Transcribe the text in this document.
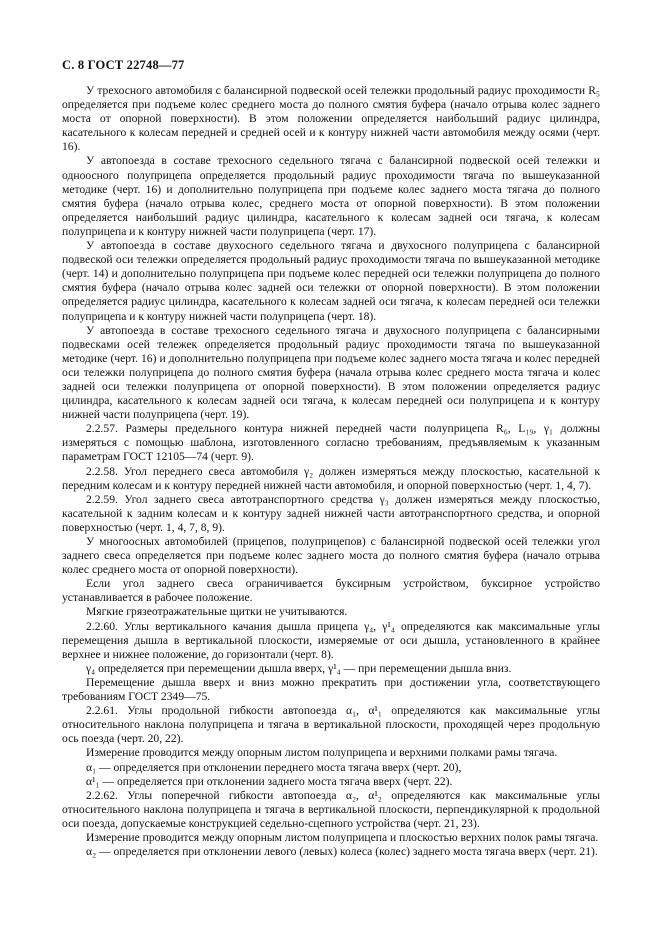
С. 8 ГОСТ 22748—77

У трехосного автомобиля с балансирной подвеской осей тележки продольный радиус проходимости R₅ определяется при подъеме колес среднего моста до полного смятия буфера (начало отрыва колес заднего моста от опорной поверхности). В этом положении определяется наибольший радиус цилиндра, касательного к колесам передней и средней осей и к контуру нижней части автомобиля между осями (черт. 16).

У автопоезда в составе трехосного седельного тягача с балансирной подвеской осей тележки и одноосного полуприцепа определяется продольный радиус проходимости тягача по вышеуказанной методике (черт. 16) и дополнительно полуприцепа при подъеме колес заднего моста тягача до полного смятия буфера (начало отрыва колес, среднего моста от опорной поверхности). В этом положении определяется наибольший радиус цилиндра, касательного к колесам задней оси тягача, к колесам полуприцепа и к контуру нижней части полуприцепа (черт. 17).

У автопоезда в составе двухосного седельного тягача и двухосного полуприцепа с балансирной подвеской оси тележки определяется продольный радиус проходимости тягача по вышеуказанной методике (черт. 14) и дополнительно полуприцепа при подъеме колес передней оси тележки полуприцепа до полного смятия буфера (начало отрыва колес задней оси тележки от опорной поверхности). В этом положении определяется радиус цилиндра, касательного к колесам задней оси тягача, к колесам передней оси тележки полуприцепа и к контуру нижней части полуприцепа (черт. 18).

У автопоезда в составе трехосного седельного тягача и двухосного полуприцепа с балансирными подвесками осей тележек определяется продольный радиус проходимости тягача по вышеуказанной методике (черт. 16) и дополнительно полуприцепа при подъеме колес заднего моста тягача и колес передней оси тележки полуприцепа до полного смятия буфера (начала отрыва колес среднего моста тягача и колес задней оси тележки полуприцепа от опорной поверхности). В этом положении определяется радиус цилиндра, касательного к колесам задней оси тягача, к колесам передней оси полуприцепа и к контуру нижней части полуприцепа (черт. 19).

2.2.57. Размеры предельного контура нижней передней части полуприцепа R₆, L₁₉, γ₁ должны измеряться с помощью шаблона, изготовленного согласно требованиям, предъявляемым к указанным параметрам ГОСТ 12105—74 (черт. 9).

2.2.58. Угол переднего свеса автомобиля γ₂ должен измеряться между плоскостью, касательной к передним колесам и к контуру передней нижней части автомобиля, и опорной поверхностью (черт. 1, 4, 7).

2.2.59. Угол заднего свеса автотранспортного средства γ₃ должен измеряться между плоскостью, касательной к задним колесам и к контуру задней нижней части автотранспортного средства, и опорной поверхностью (черт. 1, 4, 7, 8, 9).

У многоосных автомобилей (прицепов, полуприцепов) с балансирной подвеской осей тележки угол заднего свеса определяется при подъеме колес заднего моста до полного смятия буфера (начало отрыва колес среднего моста от опорной поверхности).

Если угол заднего свеса ограничивается буксирным устройством, буксирное устройство устанавливается в рабочее положение.

Мягкие грязеотражательные щитки не учитываются.

2.2.60. Углы вертикального качания дышла прицепа γ₄, γ¹₄ определяются как максимальные углы перемещения дышла в вертикальной плоскости, измеряемые от оси дышла, установленного в крайнее верхнее и нижнее положение, до горизонтали (черт. 8).

γ₄ определяется при перемещении дышла вверх, γ¹₄ — при перемещении дышла вниз.

Перемещение дышла вверх и вниз можно прекратить при достижении угла, соответствующего требованиям ГОСТ 2349—75.

2.2.61. Углы продольной гибкости автопоезда α₁, α¹₁ определяются как максимальные углы относительного наклона полуприцепа и тягача в вертикальной плоскости, проходящей через продольную ось поезда (черт. 20, 22).

Измерение проводится между опорным листом полуприцепа и верхними полками рамы тягача.

α₁ — определяется при отклонении переднего моста тягача вверх (черт. 20),

α¹₁ — определяется при отклонении заднего моста тягача вверх (черт. 22).

2.2.62. Углы поперечной гибкости автопоезда α₂, α¹₂ определяются как максимальные углы относительного наклона полуприцепа и тягача в вертикальной плоскости, перпендикулярной к продольной оси поезда, допускаемые конструкцией седельно-сцепного устройства (черт. 21, 23).

Измерение проводится между опорным листом полуприцепа и плоскостью верхних полок рамы тягача.

α₂ — определяется при отклонении левого (левых) колеса (колес) заднего моста тягача вверх (черт. 21).
